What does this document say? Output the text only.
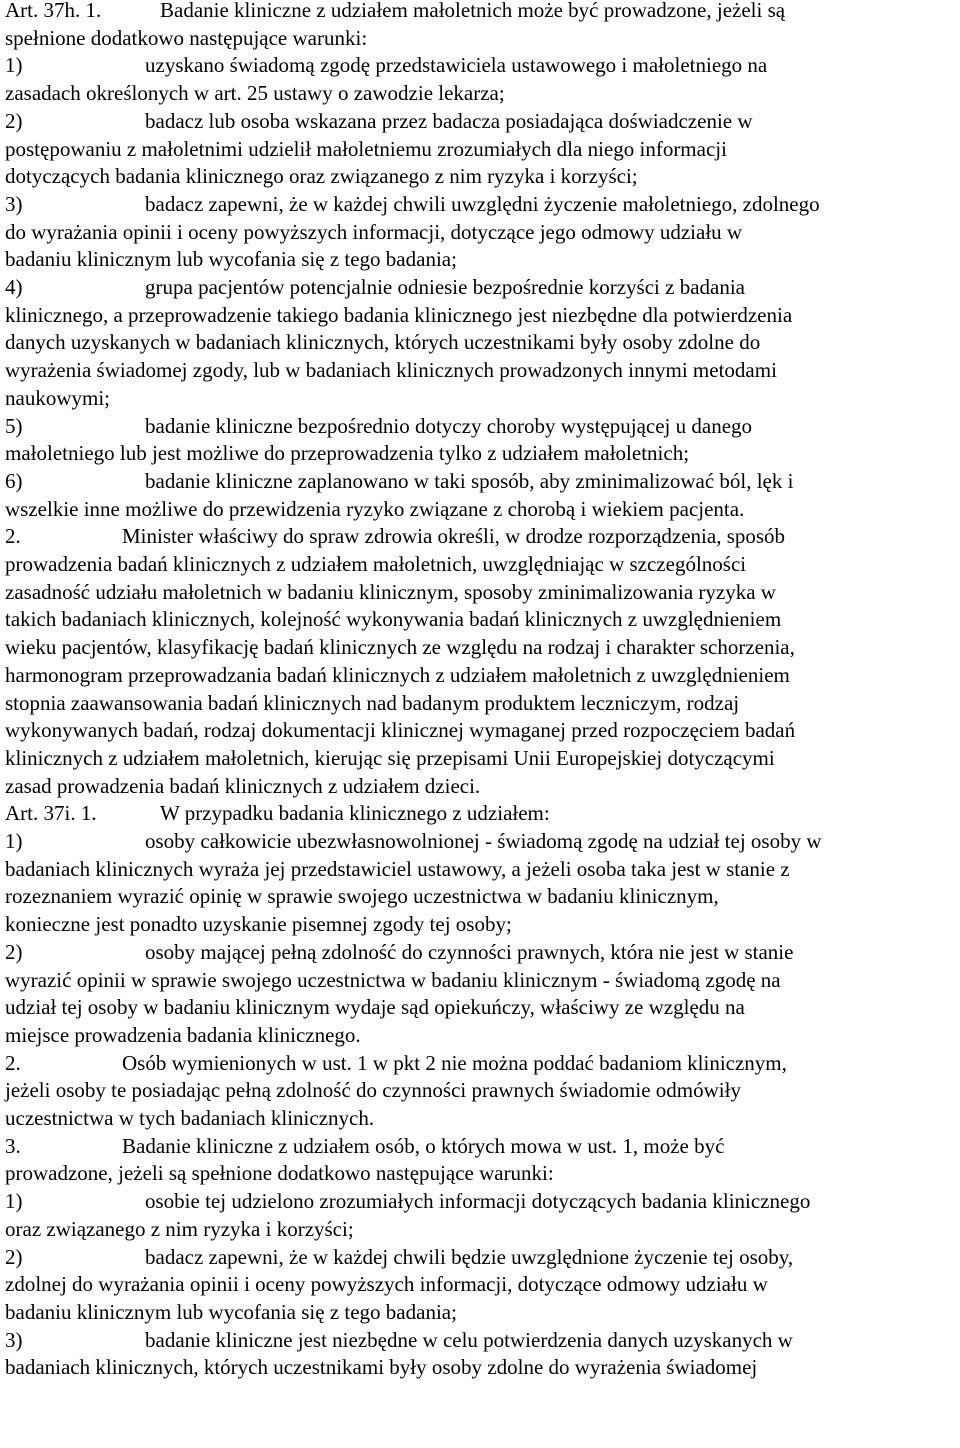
Art. 37h. 1.	Badanie kliniczne z udziałem małoletnich może być prowadzone, jeżeli są
spełnione dodatkowo następujące warunki:
1)	uzyskano świadomą zgodę przedstawiciela ustawowego i małoletniego na
zasadach określonych w art. 25 ustawy o zawodzie lekarza;
2)	badacz lub osoba wskazana przez badacza posiadająca doświadczenie w
postępowaniu z małoletnimi udzielił małoletniemu zrozumiałych dla niego informacji
dotyczących badania klinicznego oraz związanego z nim ryzyka i korzyści;
3)	badacz zapewni, że w każdej chwili uwzględni życzenie małoletniego, zdolnego
do wyrażania opinii i oceny powyższych informacji, dotyczące jego odmowy udziału w
badaniu klinicznym lub wycofania się z tego badania;
4)	grupa pacjentów potencjalnie odniesie bezpośrednie korzyści z badania
klinicznego, a przeprowadzenie takiego badania klinicznego jest niezbędne dla potwierdzenia
danych uzyskanych w badaniach klinicznych, których uczestnikami były osoby zdolne do
wyrażenia świadomej zgody, lub w badaniach klinicznych prowadzonych innymi metodami
naukowymi;
5)	badanie kliniczne bezpośrednio dotyczy choroby występującej u danego
małoletniego lub jest możliwe do przeprowadzenia tylko z udziałem małoletnich;
6)	badanie kliniczne zaplanowano w taki sposób, aby zminimalizować ból, lęk i
wszelkie inne możliwe do przewidzenia ryzyko związane z chorobą i wiekiem pacjenta.
2.	Minister właściwy do spraw zdrowia określi, w drodze rozporządzenia, sposób
prowadzenia badań klinicznych z udziałem małoletnich, uwzględniając w szczególności
zasadność udziału małoletnich w badaniu klinicznym, sposoby zminimalizowania ryzyka w
takich badaniach klinicznych, kolejność wykonywania badań klinicznych z uwzględnieniem
wieku pacjentów, klasyfikację badań klinicznych ze względu na rodzaj i charakter schorzenia,
harmonogram przeprowadzania badań klinicznych z udziałem małoletnich z uwzględnieniem
stopnia zaawansowania badań klinicznych nad badanym produktem leczniczym, rodzaj
wykonywanych badań, rodzaj dokumentacji klinicznej wymaganej przed rozpoczęciem badań
klinicznych z udziałem małoletnich, kierując się przepisami Unii Europejskiej dotyczącymi
zasad prowadzenia badań klinicznych z udziałem dzieci.
Art. 37i. 1.	W przypadku badania klinicznego z udziałem:
1)	osoby całkowicie ubezwłasnowolnionej - świadomą zgodę na udział tej osoby w
badaniach klinicznych wyraża jej przedstawiciel ustawowy, a jeżeli osoba taka jest w stanie z
rozeznaniem wyrazić opinię w sprawie swojego uczestnictwa w badaniu klinicznym,
konieczne jest ponadto uzyskanie pisemnej zgody tej osoby;
2)	osoby mającej pełną zdolność do czynności prawnych, która nie jest w stanie
wyrazić opinii w sprawie swojego uczestnictwa w badaniu klinicznym - świadomą zgodę na
udział tej osoby w badaniu klinicznym wydaje sąd opiekuńczy, właściwy ze względu na
miejsce prowadzenia badania klinicznego.
2.	Osób wymienionych w ust. 1 w pkt 2 nie można poddać badaniom klinicznym,
jeżeli osoby te posiadając pełną zdolność do czynności prawnych świadomie odmówiły
uczestnictwa w tych badaniach klinicznych.
3.	Badanie kliniczne z udziałem osób, o których mowa w ust. 1, może być
prowadzone, jeżeli są spełnione dodatkowo następujące warunki:
1)	osobie tej udzielono zrozumiałych informacji dotyczących badania klinicznego
oraz związanego z nim ryzyka i korzyści;
2)	badacz zapewni, że w każdej chwili będzie uwzględnione życzenie tej osoby,
zdolnej do wyrażania opinii i oceny powyższych informacji, dotyczące odmowy udziału w
badaniu klinicznym lub wycofania się z tego badania;
3)	badanie kliniczne jest niezbędne w celu potwierdzenia danych uzyskanych w
badaniach klinicznych, których uczestnikami były osoby zdolne do wyrażenia świadomej
